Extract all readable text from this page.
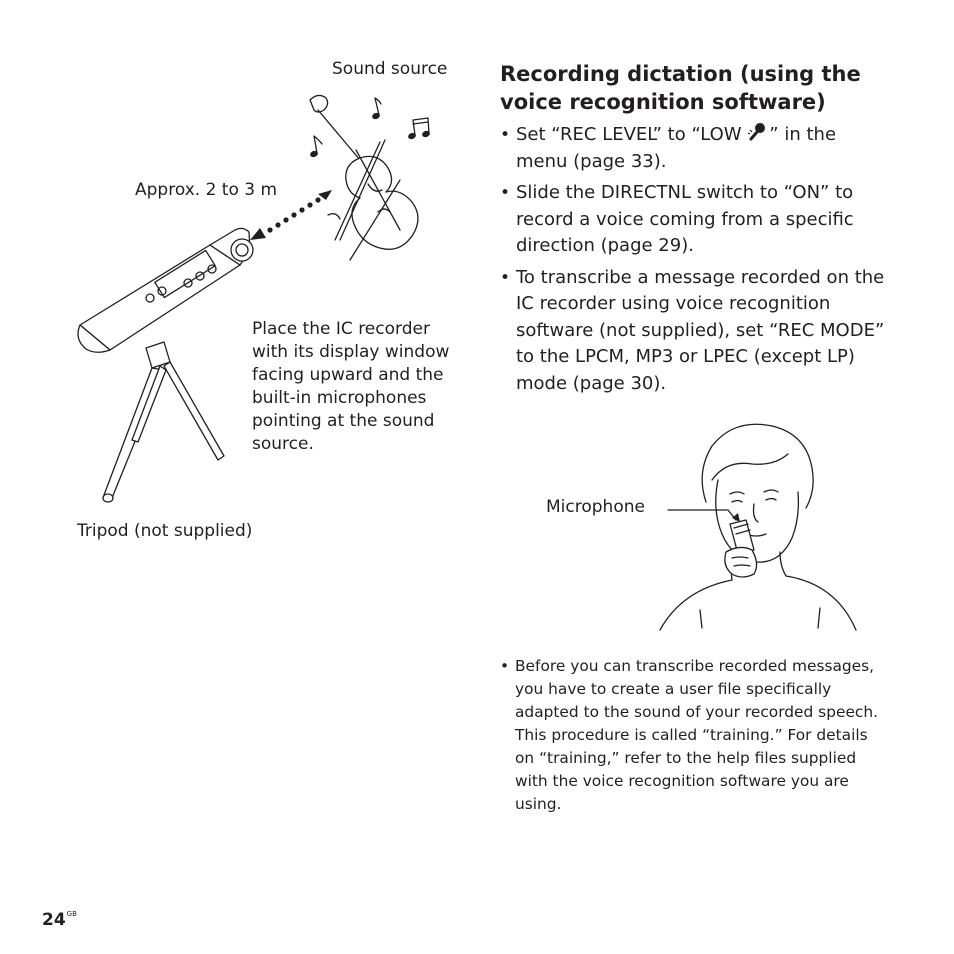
Sound source
Approx. 2 to 3 m
Place the IC recorder with its display window facing upward and the built-in microphones pointing at the sound source.
Tripod (not supplied)
Recording dictation (using the voice recognition software)
• Set “REC LEVEL” to “LOW ” in the menu (page 33).
• Slide the DIRECTNL switch to “ON” to record a voice coming from a specific direction (page 29).
• To transcribe a message recorded on the IC recorder using voice recognition software (not supplied), set “REC MODE” to the LPCM, MP3 or LPEC (except LP) mode (page 30).
Microphone
• Before you can transcribe recorded messages, you have to create a user file specifically adapted to the sound of your recorded speech. This procedure is called “training.” For details on “training,” refer to the help files supplied with the voice recognition software you are using.
$24^{GB}$
